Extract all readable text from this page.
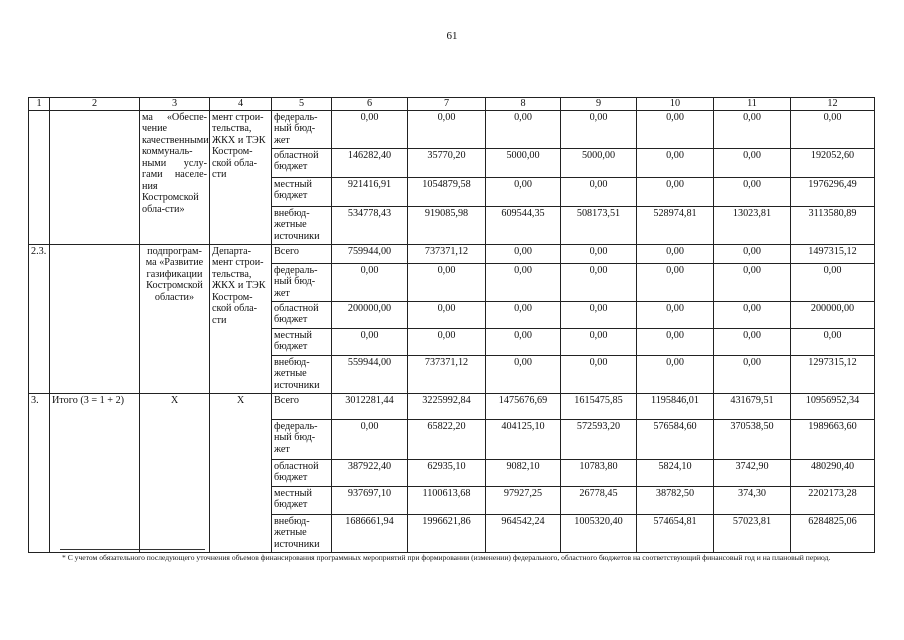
61
1	2	3	4	5	6	7	8	9	10	11	12
		ма «Обеспе-чение качественными коммуналь-ными услу-гами населе-ния Костромской обла-сти»	мент строи-тельства, ЖКХ и ТЭК Костром-ской обла-сти	федераль-ный бюд-жет	0,00	0,00	0,00	0,00	0,00	0,00	0,00
				областной бюджет	146282,40	35770,20	5000,00	5000,00	0,00	0,00	192052,60
				местный бюджет	921416,91	1054879,58	0,00	0,00	0,00	0,00	1976296,49
				внебюд-жетные источники	534778,43	919085,98	609544,35	508173,51	528974,81	13023,81	3113580,89
2.3.		подпрограм-ма «Развитие газификации Костромской области»	Департа-мент строи-тельства, ЖКХ и ТЭК Костром-ской обла-сти	Всего	759944,00	737371,12	0,00	0,00	0,00	0,00	1497315,12
				федераль-ный бюд-жет	0,00	0,00	0,00	0,00	0,00	0,00	0,00
				областной бюджет	200000,00	0,00	0,00	0,00	0,00	0,00	200000,00
				местный бюджет	0,00	0,00	0,00	0,00	0,00	0,00	0,00
				внебюд-жетные источники	559944,00	737371,12	0,00	0,00	0,00	0,00	1297315,12
3.	Итого (3 = 1 + 2)	Х	Х	Всего	3012281,44	3225992,84	1475676,69	1615475,85	1195846,01	431679,51	10956952,34
				федераль-ный бюд-жет	0,00	65822,20	404125,10	572593,20	576584,60	370538,50	1989663,60
				областной бюджет	387922,40	62935,10	9082,10	10783,80	5824,10	3742,90	480290,40
				местный бюджет	937697,10	1100613,68	97927,25	26778,45	38782,50	374,30	2202173,28
				внебюд-жетные источники	1686661,94	1996621,86	964542,24	1005320,40	574654,81	57023,81	6284825,06
* С учетом обязательного последующего уточнения объемов финансирования программных мероприятий при формировании (изменении) федерального, областного бюджетов на соответствующий финансовый год и на плановый период.
